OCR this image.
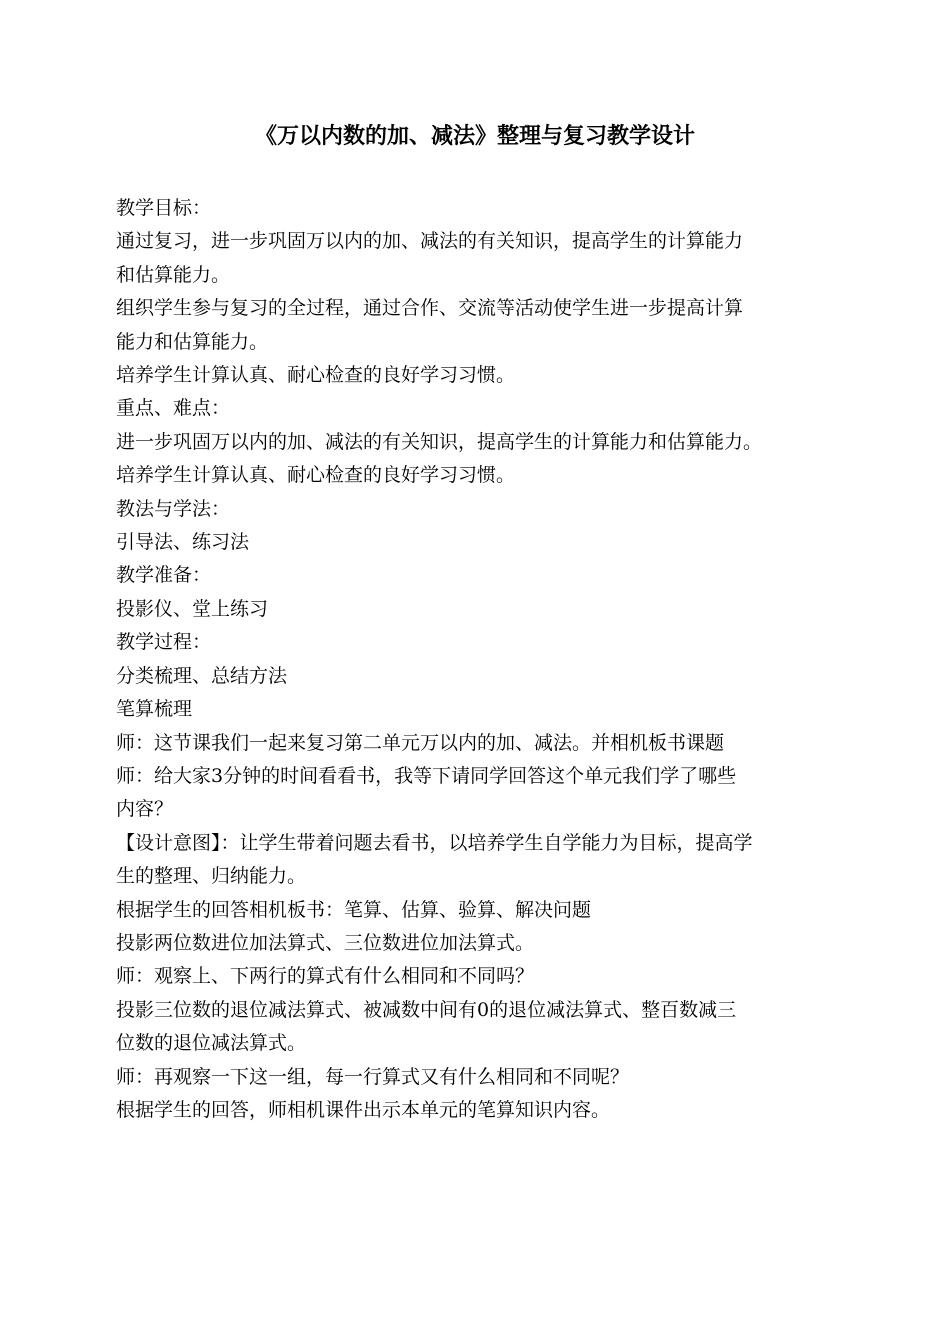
《万以内数的加、减法》整理与复习教学设计
教学目标：
通过复习，进一步巩固万以内的加、减法的有关知识，提高学生的计算能力
和估算能力。
组织学生参与复习的全过程，通过合作、交流等活动使学生进一步提高计算
能力和估算能力。
培养学生计算认真、耐心检查的良好学习习惯。
重点、难点：
进一步巩固万以内的加、减法的有关知识，提高学生的计算能力和估算能力。
培养学生计算认真、耐心检查的良好学习习惯。
教法与学法：
引导法、练习法
教学准备：
投影仪、堂上练习
教学过程：
分类梳理、总结方法
笔算梳理
师：这节课我们一起来复习第二单元万以内的加、减法。并相机板书课题
师：给大家3分钟的时间看看书，我等下请同学回答这个单元我们学了哪些
内容？
【设计意图】：让学生带着问题去看书，以培养学生自学能力为目标，提高学
生的整理、归纳能力。
根据学生的回答相机板书：笔算、估算、验算、解决问题
投影两位数进位加法算式、三位数进位加法算式。
师：观察上、下两行的算式有什么相同和不同吗？
投影三位数的退位减法算式、被减数中间有0的退位减法算式、整百数减三
位数的退位减法算式。
师：再观察一下这一组，每一行算式又有什么相同和不同呢？
根据学生的回答，师相机课件出示本单元的笔算知识内容。
